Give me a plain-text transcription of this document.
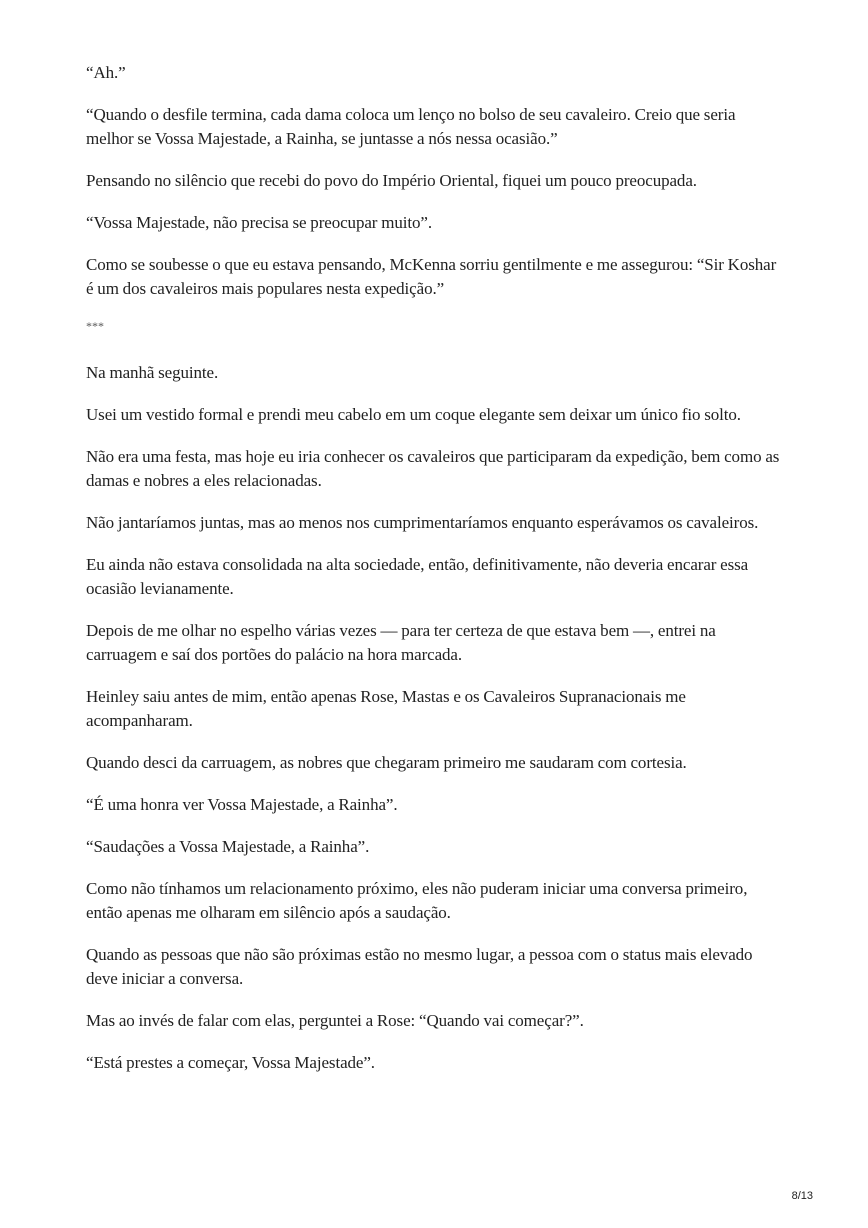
“Ah.”

“Quando o desfile termina, cada dama coloca um lenço no bolso de seu cavaleiro. Creio que seria melhor se Vossa Majestade, a Rainha, se juntasse a nós nessa ocasião.”

Pensando no silêncio que recebi do povo do Império Oriental, fiquei um pouco preocupada.

“Vossa Majestade, não precisa se preocupar muito”.

Como se soubesse o que eu estava pensando, McKenna sorriu gentilmente e me assegurou: “Sir Koshar é um dos cavaleiros mais populares nesta expedição.”

***

Na manhã seguinte.

Usei um vestido formal e prendi meu cabelo em um coque elegante sem deixar um único fio solto.

Não era uma festa, mas hoje eu iria conhecer os cavaleiros que participaram da expedição, bem como as damas e nobres a eles relacionadas.

Não jantaríamos juntas, mas ao menos nos cumprimentaríamos enquanto esperávamos os cavaleiros.

Eu ainda não estava consolidada na alta sociedade, então, definitivamente, não deveria encarar essa ocasião levianamente.

Depois de me olhar no espelho várias vezes — para ter certeza de que estava bem —, entrei na carruagem e saí dos portões do palácio na hora marcada.

Heinley saiu antes de mim, então apenas Rose, Mastas e os Cavaleiros Supranacionais me acompanharam.

Quando desci da carruagem, as nobres que chegaram primeiro me saudaram com cortesia.

“É uma honra ver Vossa Majestade, a Rainha”.

“Saudações a Vossa Majestade, a Rainha”.

Como não tínhamos um relacionamento próximo, eles não puderam iniciar uma conversa primeiro, então apenas me olharam em silêncio após a saudação.

Quando as pessoas que não são próximas estão no mesmo lugar, a pessoa com o status mais elevado deve iniciar a conversa.

Mas ao invés de falar com elas, perguntei a Rose: “Quando vai começar?”.

“Está prestes a começar, Vossa Majestade”.

8/13
